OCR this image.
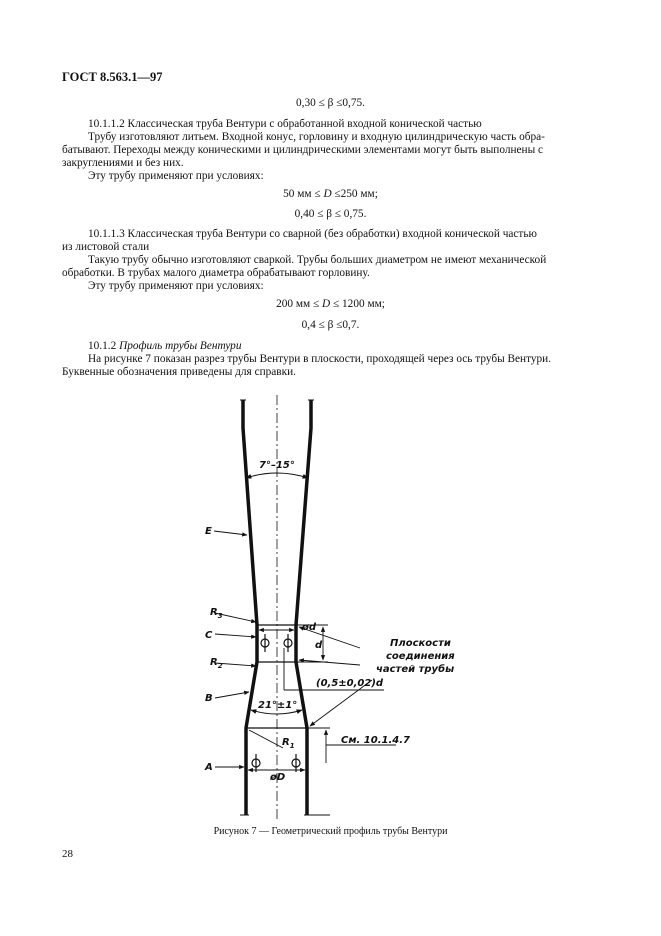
ГОСТ 8.563.1—97
0,30 ≤ β ≤0,75.
10.1.1.2 Классическая труба Вентури с обработанной входной конической частью
Трубу изготовляют литьем. Входной конус, горловину и входную цилиндрическую часть обра-
батывают. Переходы между коническими и цилиндрическими элементами могут быть выполнены с
закруглениями и без них.
Эту трубу применяют при условиях:
50 мм ≤ D ≤250 мм;
0,40 ≤ β ≤ 0,75.
10.1.1.3 Классическая труба Вентури со сварной (без обработки) входной конической частью
из листовой стали
Такую трубу обычно изготовляют сваркой. Трубы больших диаметром не имеют механической
обработки. В трубах малого диаметра обрабатывают горловину.
Эту трубу применяют при условиях:
200 мм ≤ D ≤ 1200 мм;
0,4 ≤ β ≤0,7.
10.1.2 Профиль трубы Вентури
На рисунке 7 показан разрез трубы Вентури в плоскости, проходящей через ось трубы Вентури.
Буквенные обозначения приведены для справки.
7°–15°
21°±1°
E
$R_3$
C
$R_2$
B
A
$R_1$
ød
d
(0,5±0,02)d
øD
Плоскости
соединения
частей трубы
См. 10.1.4.7
Рисунок 7 — Геометрический профиль трубы Вентури
28
